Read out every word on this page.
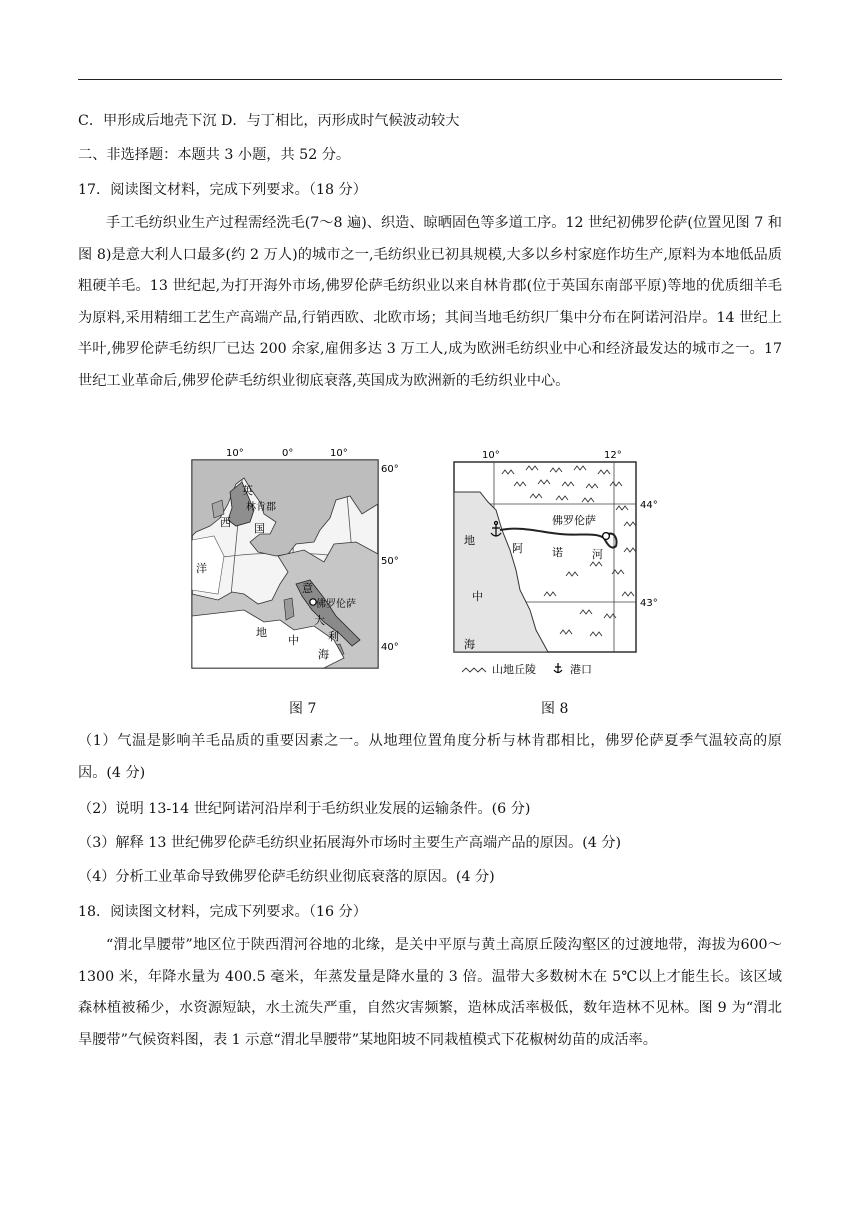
C．甲形成后地壳下沉 D．与丁相比，丙形成时气候波动较大
二、非选择题：本题共 3 小题，共 52 分。
17．阅读图文材料，完成下列要求。（18 分）
手工毛纺织业生产过程需经洗毛(7～8 遍)、织造、晾晒固色等多道工序。12 世纪初佛罗伦萨(位置见图 7 和图 8)是意大利人口最多(约 2 万人)的城市之一,毛纺织业已初具规模,大多以乡村家庭作坊生产,原料为本地低品质粗硬羊毛。13 世纪起,为打开海外市场,佛罗伦萨毛纺织业以来自林肯郡(位于英国东南部平原)等地的优质细羊毛为原料,采用精细工艺生产高端产品,行销西欧、北欧市场；其间当地毛纺织厂集中分布在阿诺河沿岸。14 世纪上半叶,佛罗伦萨毛纺织厂已达 200 余家,雇佣多达 3 万工人,成为欧洲毛纺织业中心和经济最发达的城市之一。17 世纪工业革命后,佛罗伦萨毛纺织业彻底衰落,英国成为欧洲新的毛纺织业中心。
10°	0°	10°
60°
50°
40°
英
林肯郡
西 国
洋
意
佛罗伦萨
大
利
地
中
海
10°	12°
44°
43°
佛罗伦萨
阿	诺	河
地
中
海
山地丘陵	港口
图 7	图 8
（1）气温是影响羊毛品质的重要因素之一。从地理位置角度分析与林肯郡相比，佛罗伦萨夏季气温较高的原因。(4 分)
（2）说明 13-14 世纪阿诺河沿岸利于毛纺织业发展的运输条件。(6 分)
（3）解释 13 世纪佛罗伦萨毛纺织业拓展海外市场时主要生产高端产品的原因。(4 分)
（4）分析工业革命导致佛罗伦萨毛纺织业彻底衰落的原因。(4 分)
18．阅读图文材料，完成下列要求。（16 分）
“渭北旱腰带”地区位于陕西渭河谷地的北缘，是关中平原与黄土高原丘陵沟壑区的过渡地带，海拔为600～1300 米，年降水量为 400.5 毫米，年蒸发量是降水量的 3 倍。温带大多数树木在 5℃以上才能生长。该区域森林植被稀少，水资源短缺，水土流失严重，自然灾害频繁，造林成活率极低，数年造林不见林。图 9 为“渭北旱腰带”气候资料图，表 1 示意“渭北旱腰带”某地阳坡不同栽植模式下花椒树幼苗的成活率。
